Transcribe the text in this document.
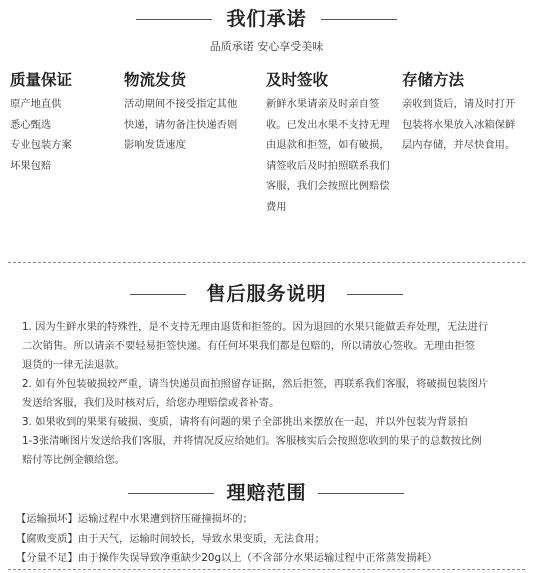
我们承诺
品质承诺 安心享受美味
质量保证
原产地直供
悉心甄选
专业包装方案
坏果包赔
物流发货
活动期间不接受指定其他
快递，请勿备注快递否则
影响发货速度
及时签收
新鲜水果请亲及时亲自签
收。已发出水果不支持无理
由退款和拒签，如有破损，
请签收后及时拍照联系我们
客服，我们会按照比例赔偿
费用
存储方法
亲收到货后，请及时打开
包装将水果放入冰箱保鲜
层内存储，并尽快食用。
售后服务说明
1. 因为生鲜水果的特殊性，是不支持无理由退货和拒签的。因为退回的水果只能做丢弃处理，无法进行
二次销售。所以请亲不要轻易拒签快递。有任何坏果我们都是包赔的，所以请放心签收。无理由拒签
退货的一律无法退款。
2. 如有外包装破损较严重，请当快递员面拍照留存证据，然后拒签，再联系我们客服，将破损包装图片
发送给客服，我们及时核对后，给您办理赔偿或者补寄。
3. 如果收到的果果有破损、变质，请将有问题的果子全部挑出来摆放在一起，并以外包装为背景拍
1-3张清晰图片发送给我们客服，并将情况反应给她们。客服核实后会按照您收到的果子的总数按比例
赔付等比例金额给您。
理赔范围
【运输损坏】运输过程中水果遭到挤压碰撞损坏的；
【腐败变质】由于天气，运输时间较长，导致水果变质，无法食用；
【分量不足】由于操作失误导致净重缺少20g以上（不含部分水果运输过程中正常蒸发损耗）
